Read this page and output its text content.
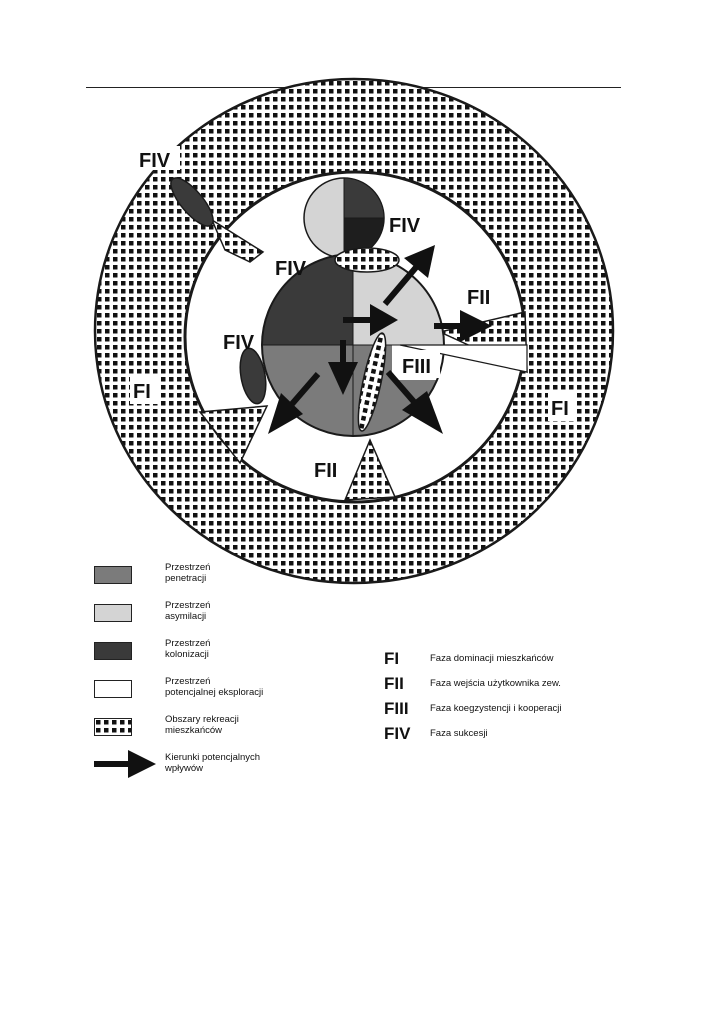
FIV
FIV
FIV
FII
FIV
FIII
FI
FI
FII
Przestrzeń
penetracji
Przestrzeń
asymilacji
Przestrzeń
kolonizacji
Przestrzeń
potencjalnej eksploracji
Obszary rekreacji
mieszkańców
Kierunki potencjalnych
wpływów
FI	Faza dominacji mieszkańców
FII	Faza wejścia użytkownika zew.
FIII Faza koegzystencji i kooperacji
FIV Faza sukcesji
